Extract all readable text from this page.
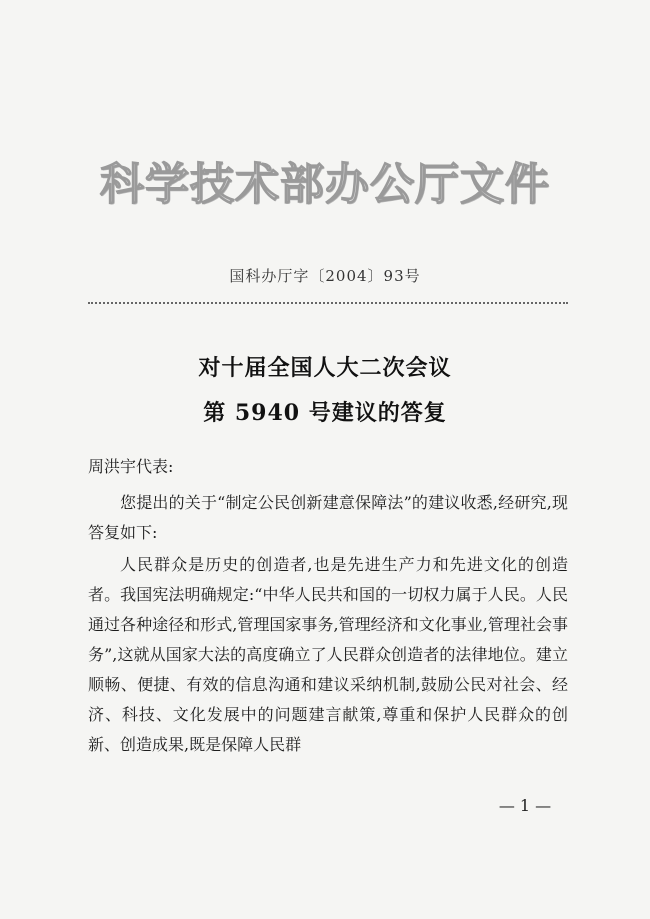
科学技术部办公厅文件
国科办厅字〔2004〕93号
对十届全国人大二次会议
第 5940 号建议的答复
周洪宇代表:
您提出的关于“制定公民创新建意保障法”的建议收悉,经研究,现答复如下:
人民群众是历史的创造者,也是先进生产力和先进文化的创造者。我国宪法明确规定:“中华人民共和国的一切权力属于人民。人民通过各种途径和形式,管理国家事务,管理经济和文化事业,管理社会事务”,这就从国家大法的高度确立了人民群众创造者的法律地位。建立顺畅、便捷、有效的信息沟通和建议采纳机制,鼓励公民对社会、经济、科技、文化发展中的问题建言献策,尊重和保护人民群众的创新、创造成果,既是保障人民群
— 1 —
